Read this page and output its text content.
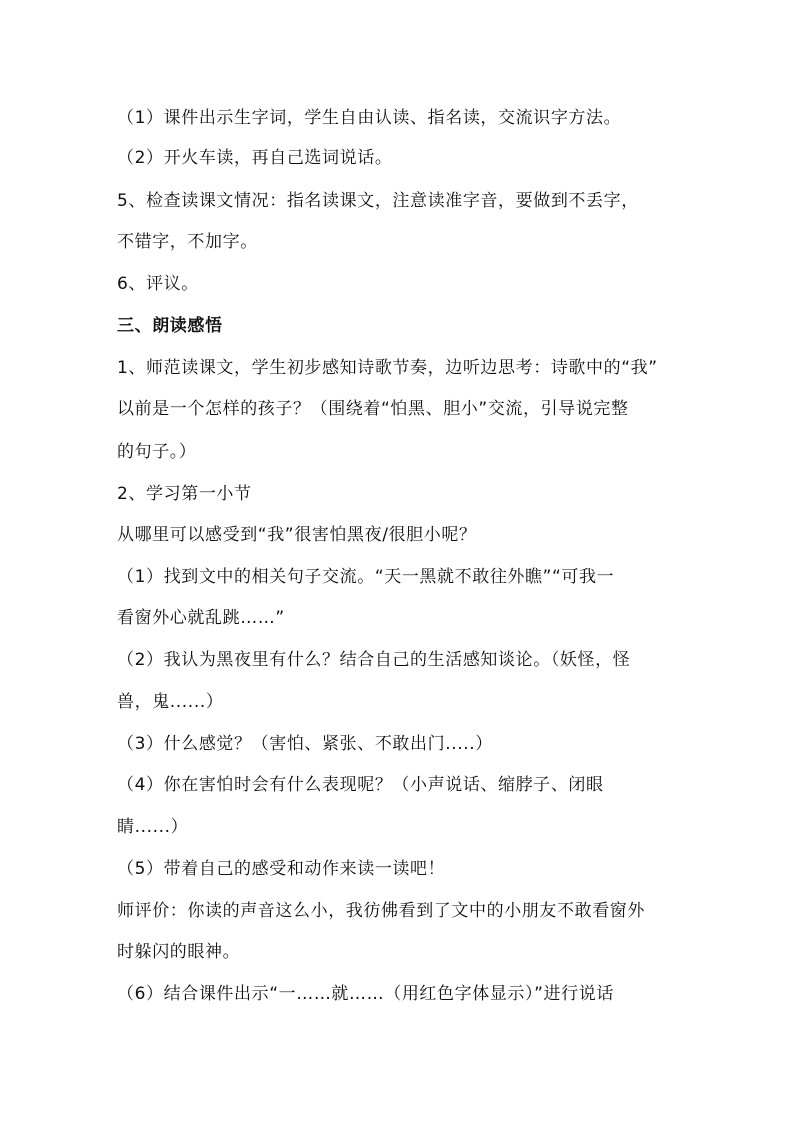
（1）课件出示生字词，学生自由认读、指名读，交流识字方法。
（2）开火车读，再自己选词说话。
5、检查读课文情况：指名读课文，注意读准字音，要做到不丢字，
不错字，不加字。
6、评议。
三、朗读感悟
1、师范读课文，学生初步感知诗歌节奏，边听边思考：诗歌中的“我”
以前是一个怎样的孩子？（围绕着“怕黑、胆小”交流，引导说完整
的句子。）
2、学习第一小节
从哪里可以感受到“我”很害怕黑夜/很胆小呢？
（1）找到文中的相关句子交流。“天一黑就不敢往外瞧”“可我一
看窗外心就乱跳……”
（2）我认为黑夜里有什么？结合自己的生活感知谈论。（妖怪，怪
兽，鬼......）
（3）什么感觉？（害怕、紧张、不敢出门.....）
（4）你在害怕时会有什么表现呢？（小声说话、缩脖子、闭眼
睛......）
（5）带着自己的感受和动作来读一读吧！
师评价：你读的声音这么小，我彷佛看到了文中的小朋友不敢看窗外
时躲闪的眼神。
（6）结合课件出示“一……就……（用红色字体显示）”进行说话
